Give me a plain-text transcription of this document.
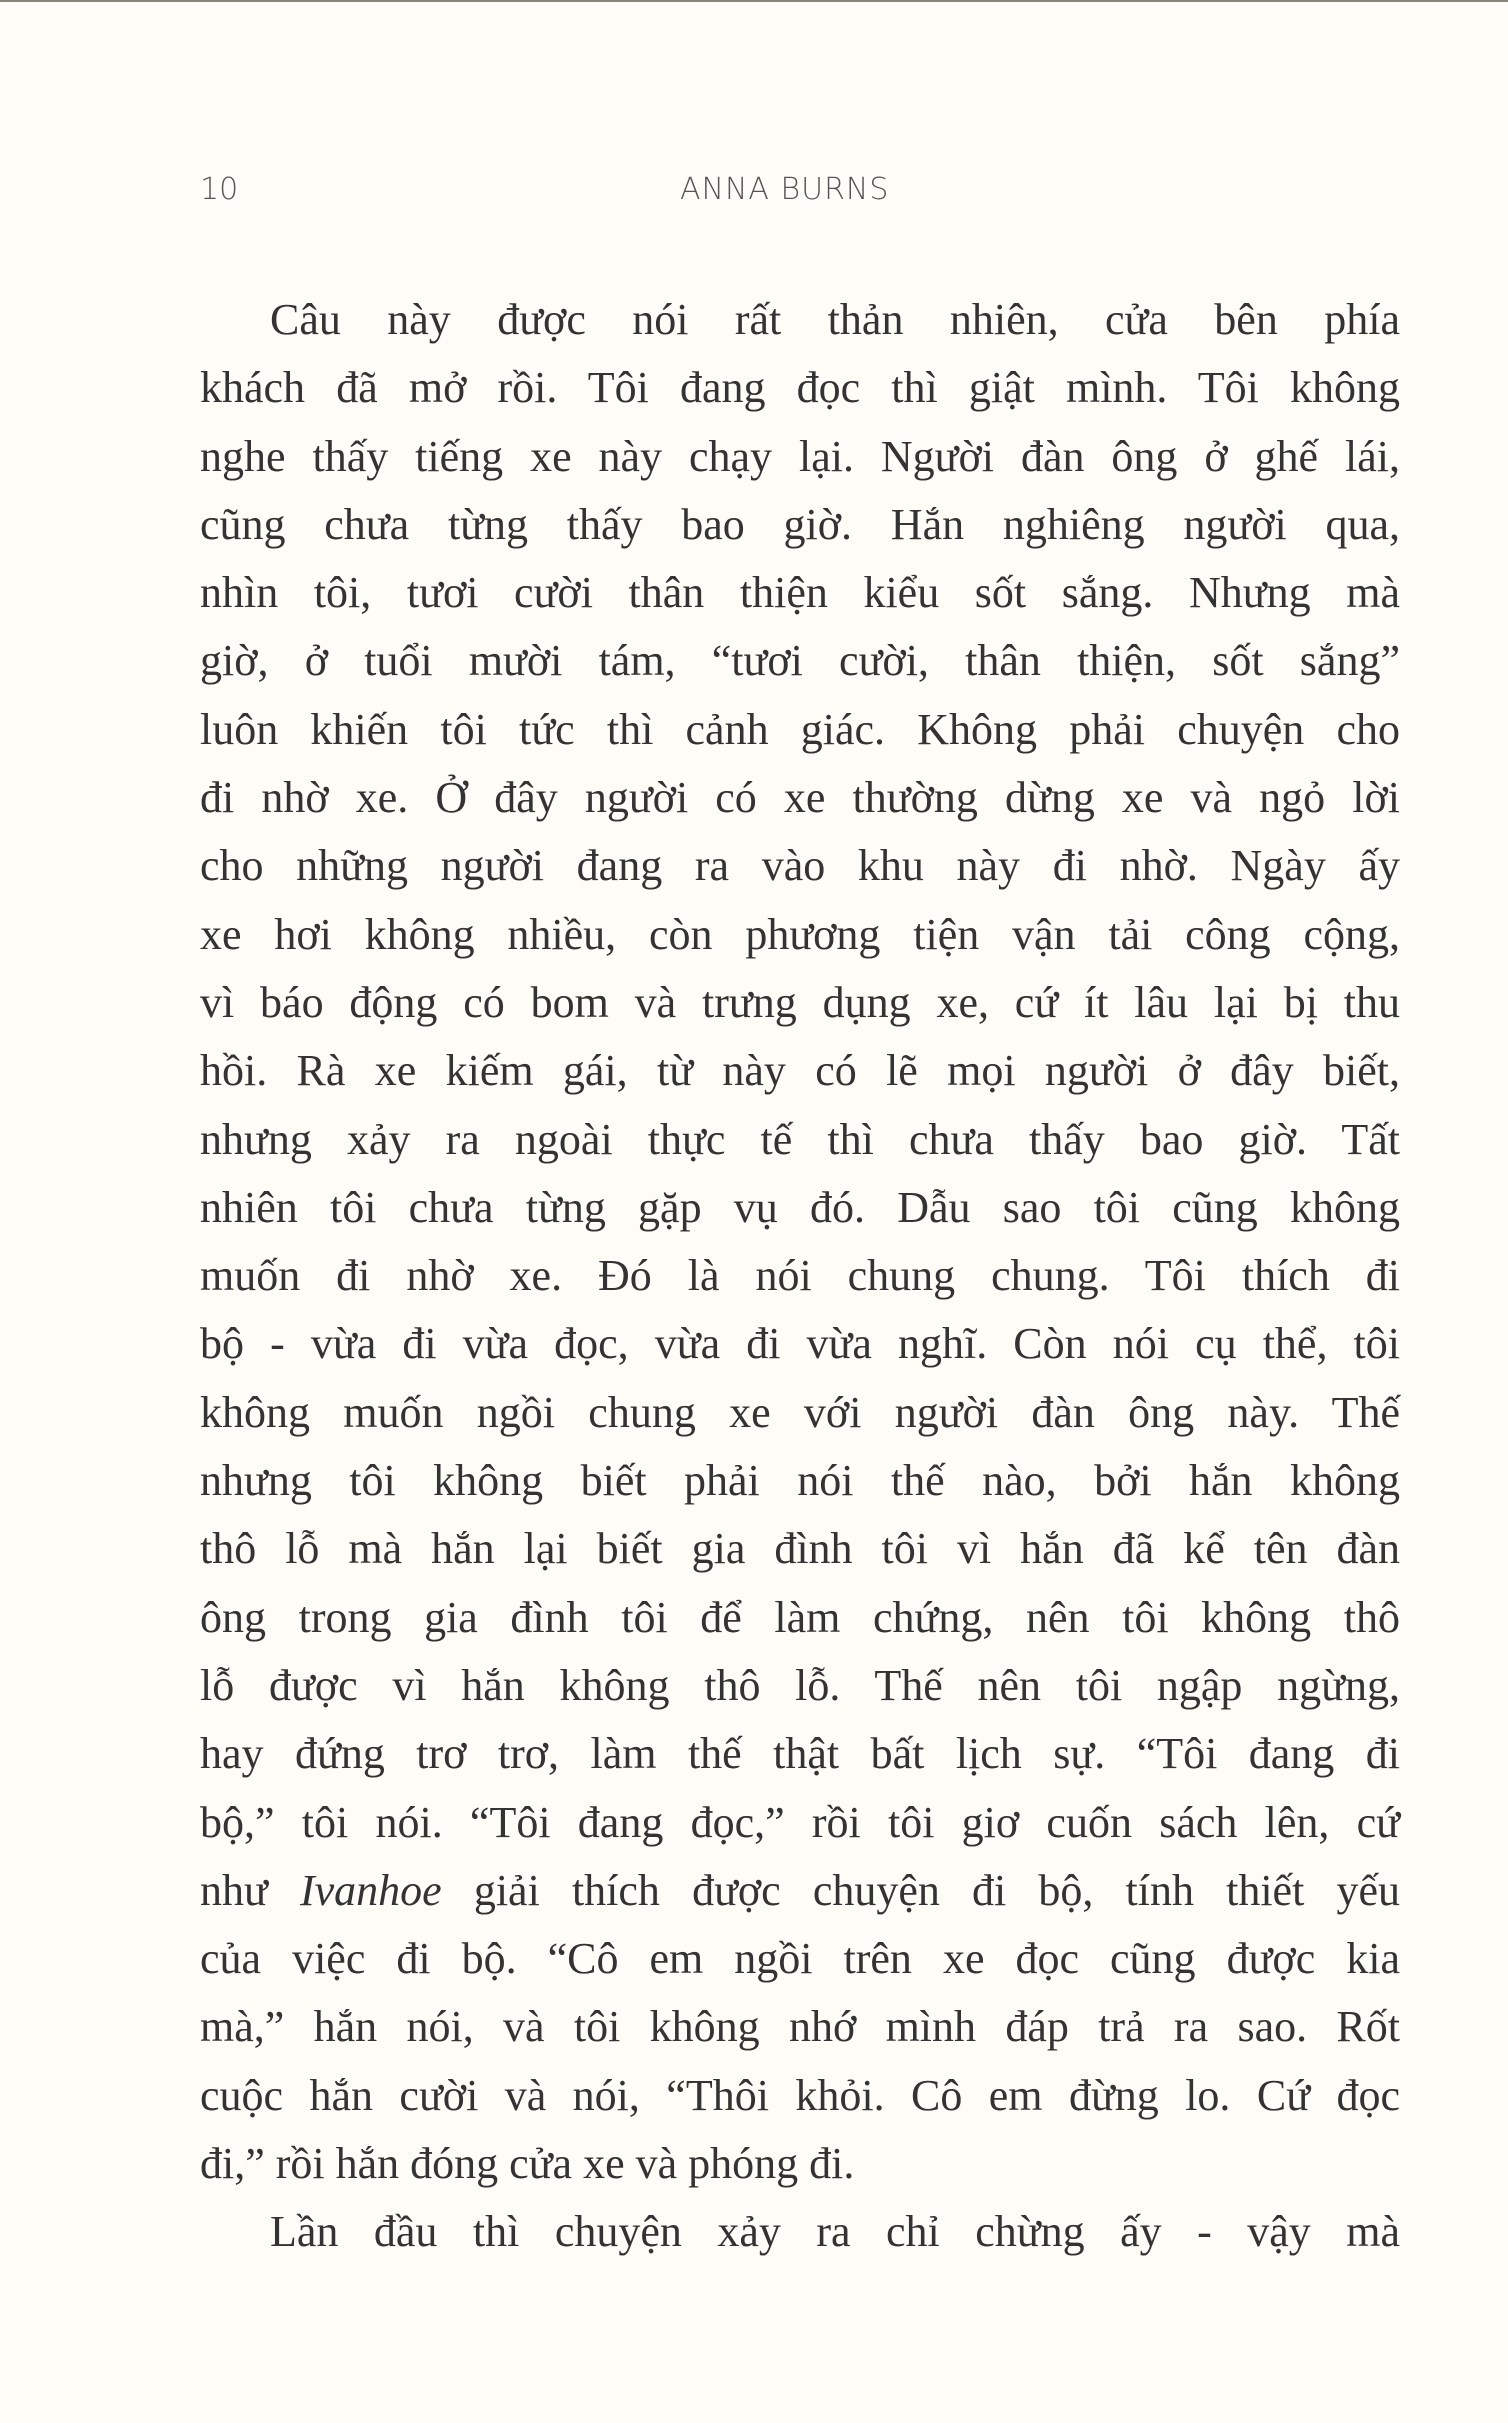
10	ANNA BURNS
Câu này được nói rất thản nhiên, cửa bên phía
khách đã mở rồi. Tôi đang đọc thì giật mình. Tôi không
nghe thấy tiếng xe này chạy lại. Người đàn ông ở ghế lái,
cũng chưa từng thấy bao giờ. Hắn nghiêng người qua,
nhìn tôi, tươi cười thân thiện kiểu sốt sắng. Nhưng mà
giờ, ở tuổi mười tám, “tươi cười, thân thiện, sốt sắng”
luôn khiến tôi tức thì cảnh giác. Không phải chuyện cho
đi nhờ xe. Ở đây người có xe thường dừng xe và ngỏ lời
cho những người đang ra vào khu này đi nhờ. Ngày ấy
xe hơi không nhiều, còn phương tiện vận tải công cộng,
vì báo động có bom và trưng dụng xe, cứ ít lâu lại bị thu
hồi. Rà xe kiếm gái, từ này có lẽ mọi người ở đây biết,
nhưng xảy ra ngoài thực tế thì chưa thấy bao giờ. Tất
nhiên tôi chưa từng gặp vụ đó. Dẫu sao tôi cũng không
muốn đi nhờ xe. Đó là nói chung chung. Tôi thích đi
bộ - vừa đi vừa đọc, vừa đi vừa nghĩ. Còn nói cụ thể, tôi
không muốn ngồi chung xe với người đàn ông này. Thế
nhưng tôi không biết phải nói thế nào, bởi hắn không
thô lỗ mà hắn lại biết gia đình tôi vì hắn đã kể tên đàn
ông trong gia đình tôi để làm chứng, nên tôi không thô
lỗ được vì hắn không thô lỗ. Thế nên tôi ngập ngừng,
hay đứng trơ trơ, làm thế thật bất lịch sự. “Tôi đang đi
bộ,” tôi nói. “Tôi đang đọc,” rồi tôi giơ cuốn sách lên, cứ
như Ivanhoe giải thích được chuyện đi bộ, tính thiết yếu
của việc đi bộ. “Cô em ngồi trên xe đọc cũng được kia
mà,” hắn nói, và tôi không nhớ mình đáp trả ra sao. Rốt
cuộc hắn cười và nói, “Thôi khỏi. Cô em đừng lo. Cứ đọc
đi,” rồi hắn đóng cửa xe và phóng đi.
Lần đầu thì chuyện xảy ra chỉ chừng ấy - vậy mà
